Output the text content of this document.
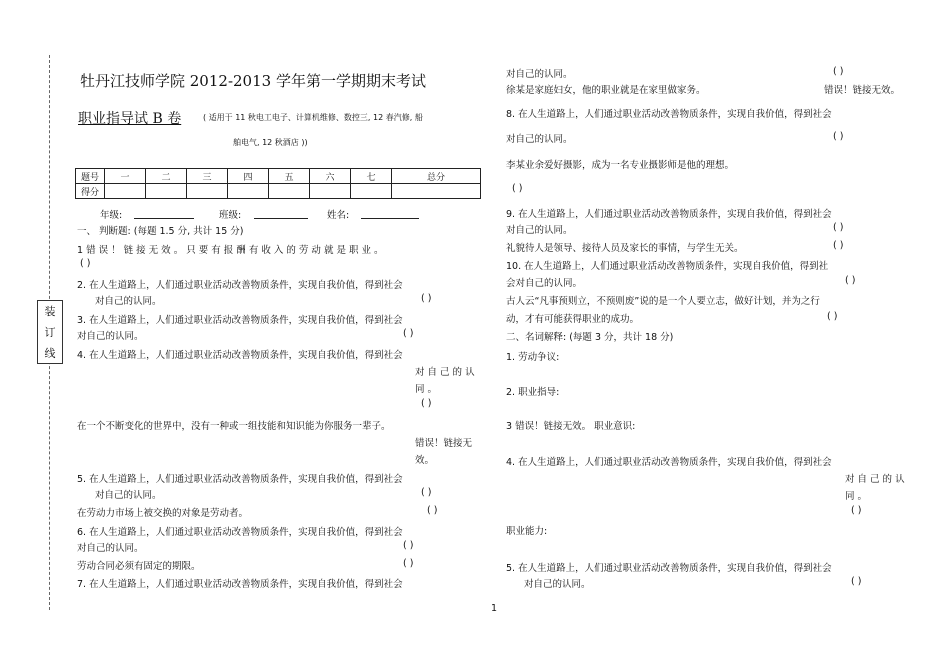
装
订
线
牡丹江技师学院 2012-2013 学年第一学期期末考试
职业指导试 B 卷	( 适用于 11 秋电工电子、计算机维修、数控三, 12 春汽修, 船
舶电气, 12 秋酒店 ))
题号	一	二	三	四	五	六	七	总分
得分								
年级:	班级:	姓名:
一、 判断题: (每题 1.5 分, 共计 15 分)
1 错 误 ！ 链 接 无 效 。 只 要 有 报 酬 有 收 入 的 劳 动 就 是 职 业 。
( )
2. 在人生道路上，人们通过职业活动改善物质条件，实现自我价值，得到社会
对自己的认同。	( )
3. 在人生道路上，人们通过职业活动改善物质条件，实现自我价值，得到社会
对自己的认同。	( )
4. 在人生道路上，人们通过职业活动改善物质条件，实现自我价值，得到社会
对 自 己 的 认
同 。
( )
在一个不断变化的世界中，没有一种或一组技能和知识能为你服务一辈子。
错误！链接无
效。
5. 在人生道路上，人们通过职业活动改善物质条件，实现自我价值，得到社会
对自己的认同。	( )
在劳动力市场上被交换的对象是劳动者。	( )
6. 在人生道路上，人们通过职业活动改善物质条件，实现自我价值，得到社会
对自己的认同。	( )
劳动合同必须有固定的期限。	( )
7. 在人生道路上，人们通过职业活动改善物质条件，实现自我价值，得到社会
对自己的认同。	( )
徐某是家庭妇女，他的职业就是在家里做家务。	错误！链接无效。
8. 在人生道路上，人们通过职业活动改善物质条件，实现自我价值，得到社会
对自己的认同。	( )
李某业余爱好摄影，成为一名专业摄影师是他的理想。
( )
9. 在人生道路上，人们通过职业活动改善物质条件，实现自我价值，得到社会
对自己的认同。	( )
礼貌待人是领导、接待人员及家长的事情，与学生无关。	( )
10. 在人生道路上，人们通过职业活动改善物质条件，实现自我价值，得到社
会对自己的认同。	( )
古人云“凡事预则立，不预则废”说的是一个人要立志，做好计划，并为之行
动，才有可能获得职业的成功。	( )
二、名词解释: (每题 3 分，共计 18 分)
1. 劳动争议:
2. 职业指导:
3 错误！链接无效。 职业意识:
4. 在人生道路上，人们通过职业活动改善物质条件，实现自我价值，得到社会
对 自 己 的 认
同 。
( )
职业能力:
5. 在人生道路上，人们通过职业活动改善物质条件，实现自我价值，得到社会
对自己的认同。	( )
1
